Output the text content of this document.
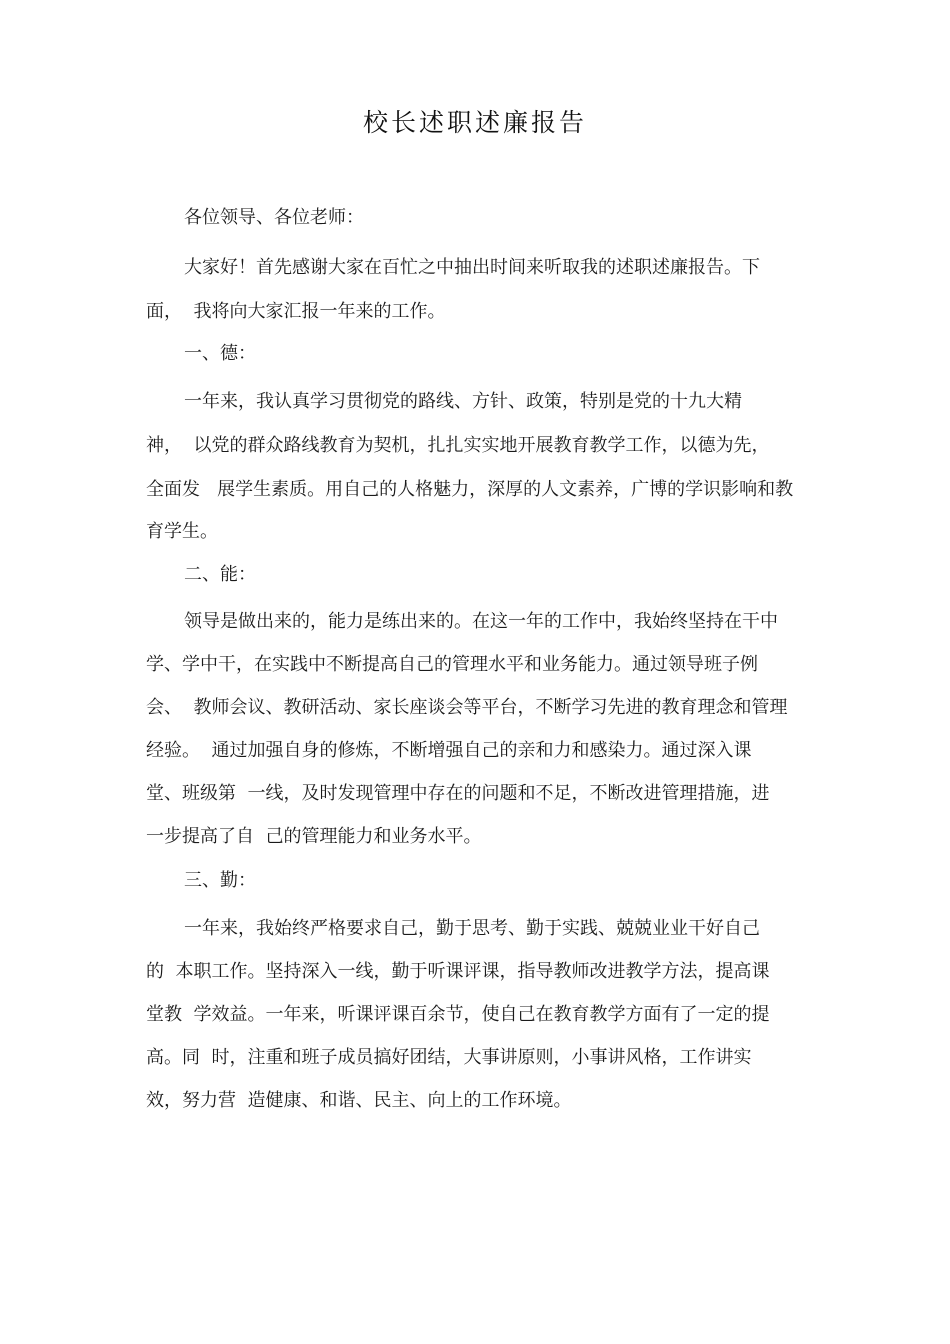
校长述职述廉报告
各位领导、各位老师：
大家好！首先感谢大家在百忙之中抽出时间来听取我的述职述廉报告。下
面，  我将向大家汇报一年来的工作。
一、德：
一年来，我认真学习贯彻党的路线、方针、政策，特别是党的十九大精
神，  以党的群众路线教育为契机，扎扎实实地开展教育教学工作，以德为先，
全面发   展学生素质。用自己的人格魅力，深厚的人文素养，广博的学识影响和教
育学生。
二、能：
领导是做出来的，能力是练出来的。在这一年的工作中，我始终坚持在干中
学、学中干，在实践中不断提高自己的管理水平和业务能力。通过领导班子例
会、  教师会议、教研活动、家长座谈会等平台，不断学习先进的教育理念和管理
经验。  通过加强自身的修炼，不断增强自己的亲和力和感染力。通过深入课
堂、班级第  一线，及时发现管理中存在的问题和不足，不断改进管理措施，进
一步提高了自  己的管理能力和业务水平。
三、勤：
一年来，我始终严格要求自己，勤于思考、勤于实践、兢兢业业干好自己
的  本职工作。坚持深入一线，勤于听课评课，指导教师改进教学方法，提高课
堂教  学效益。一年来，听课评课百余节，使自己在教育教学方面有了一定的提
高。同  时，注重和班子成员搞好团结，大事讲原则，小事讲风格，工作讲实
效，努力营  造健康、和谐、民主、向上的工作环境。
